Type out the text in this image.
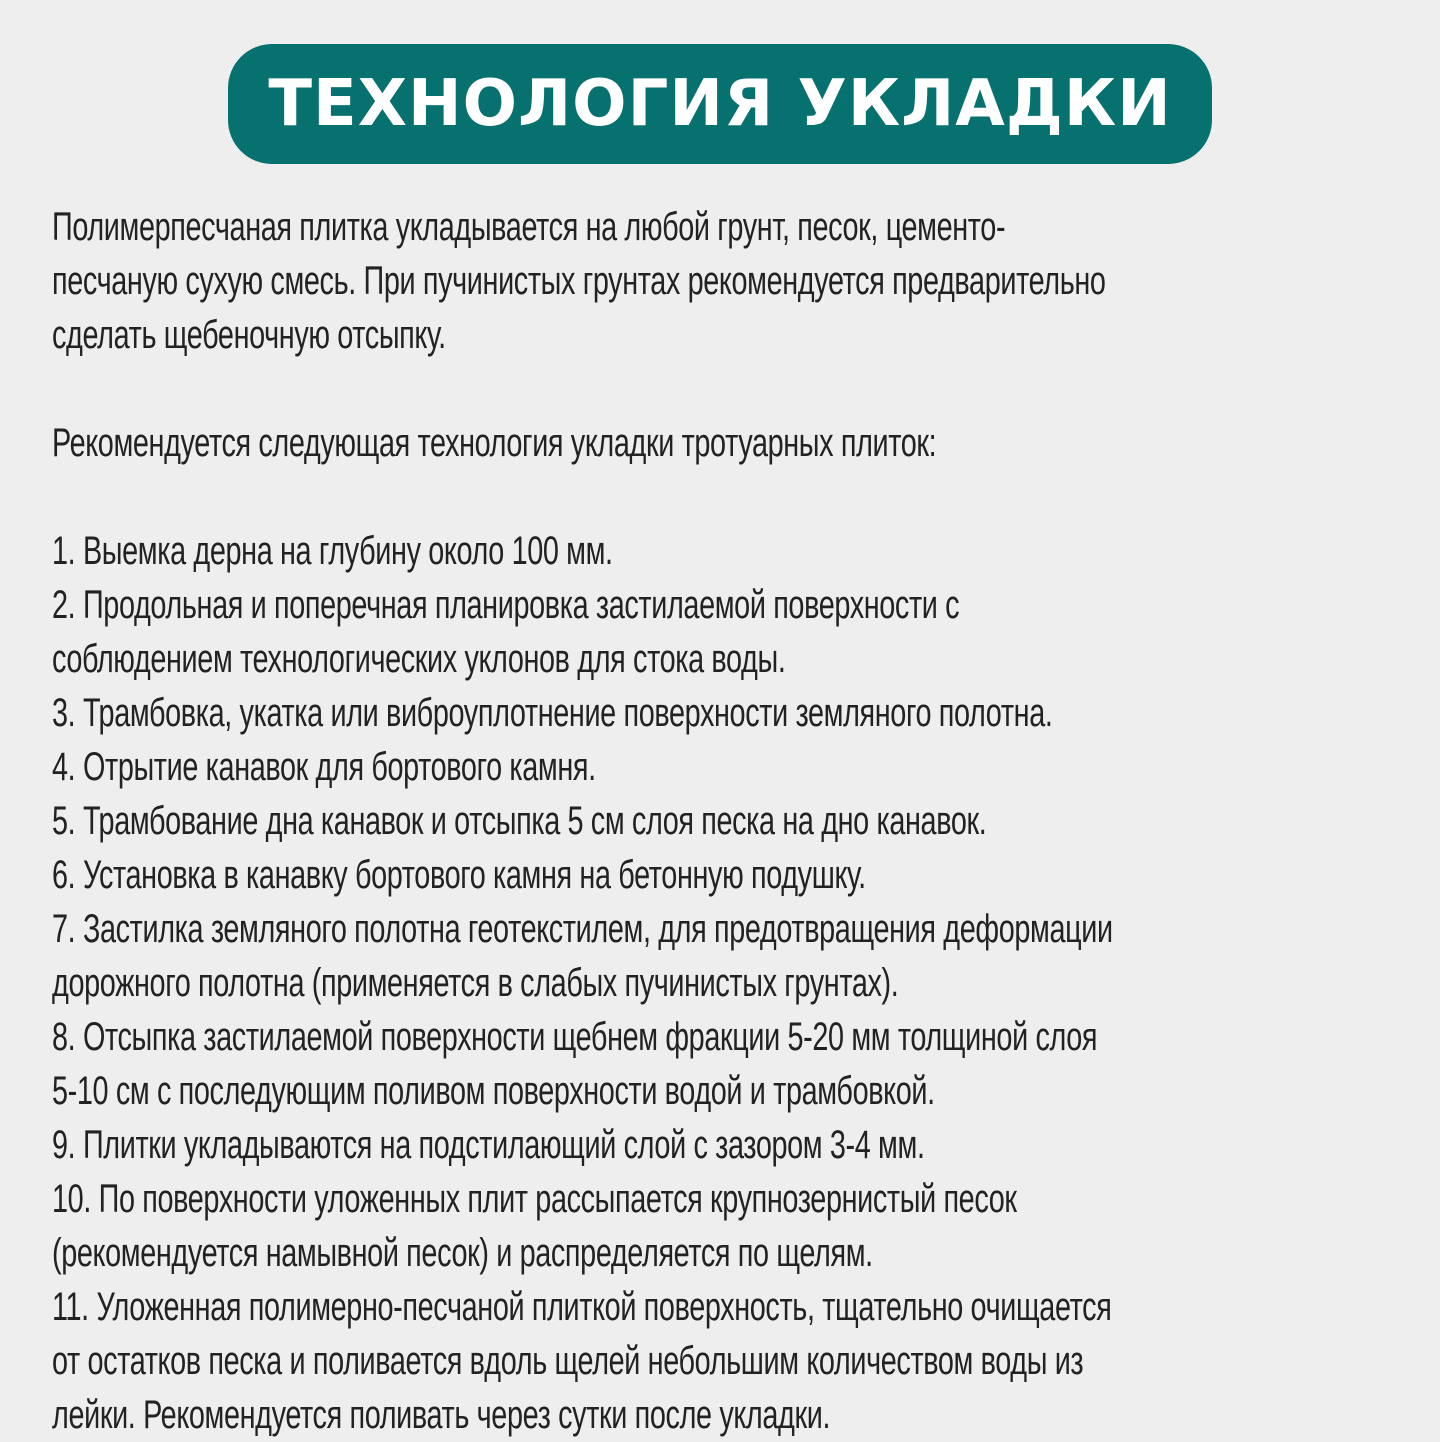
ТЕХНОЛОГИЯ УКЛАДКИ
Полимерпесчаная плитка укладывается на любой грунт, песок, цементо-
песчаную сухую смесь. При пучинистых грунтах рекомендуется предварительно
сделать щебеночную отсыпку.
Рекомендуется следующая технология укладки тротуарных плиток:
1. Выемка дерна на глубину около 100 мм.
2. Продольная и поперечная планировка застилаемой поверхности с
соблюдением технологических уклонов для стока воды.
3. Трамбовка, укатка или виброуплотнение поверхности земляного полотна.
4. Отрытие канавок для бортового камня.
5. Трамбование дна канавок и отсыпка 5 см слоя песка на дно канавок.
6. Установка в канавку бортового камня на бетонную подушку.
7. Застилка земляного полотна геотекстилем, для предотвращения деформации
дорожного полотна (применяется в слабых пучинистых грунтах).
8. Отсыпка застилаемой поверхности щебнем фракции 5-20 мм толщиной слоя
5-10 см с последующим поливом поверхности водой и трамбовкой.
9. Плитки укладываются на подстилающий слой с зазором 3-4 мм.
10. По поверхности уложенных плит рассыпается крупнозернистый песок
(рекомендуется намывной песок) и распределяется по щелям.
11. Уложенная полимерно-песчаной плиткой поверхность, тщательно очищается
от остатков песка и поливается вдоль щелей небольшим количеством воды из
лейки. Рекомендуется поливать через сутки после укладки.
